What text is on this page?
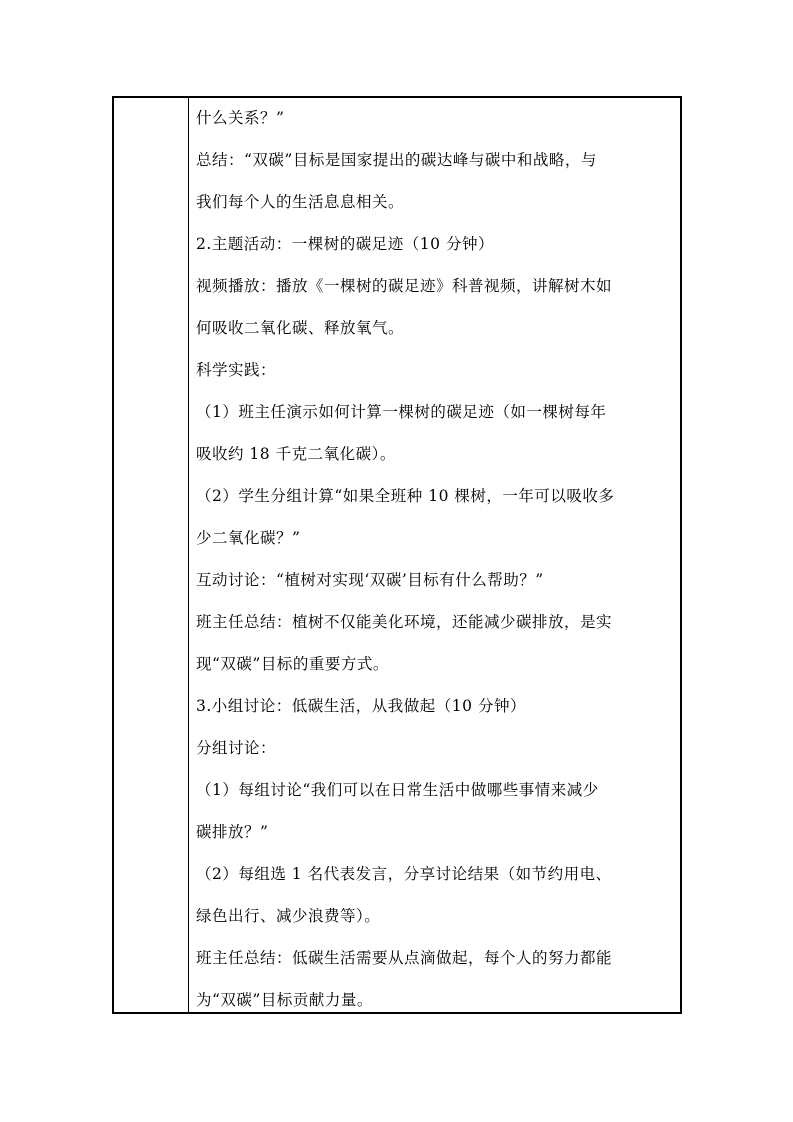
什么关系？”
总结：“双碳”目标是国家提出的碳达峰与碳中和战略，与
我们每个人的生活息息相关。
2.主题活动：一棵树的碳足迹（10 分钟）
视频播放：播放《一棵树的碳足迹》科普视频，讲解树木如
何吸收二氧化碳、释放氧气。
科学实践：
（1）班主任演示如何计算一棵树的碳足迹（如一棵树每年
吸收约 18 千克二氧化碳）。
（2）学生分组计算“如果全班种 10 棵树，一年可以吸收多
少二氧化碳？”
互动讨论：“植树对实现‘双碳’目标有什么帮助？”
班主任总结：植树不仅能美化环境，还能减少碳排放，是实
现“双碳”目标的重要方式。
3.小组讨论：低碳生活，从我做起（10 分钟）
分组讨论：
（1）每组讨论“我们可以在日常生活中做哪些事情来减少
碳排放？”
（2）每组选 1 名代表发言，分享讨论结果（如节约用电、
绿色出行、减少浪费等）。
班主任总结：低碳生活需要从点滴做起，每个人的努力都能
为“双碳”目标贡献力量。
